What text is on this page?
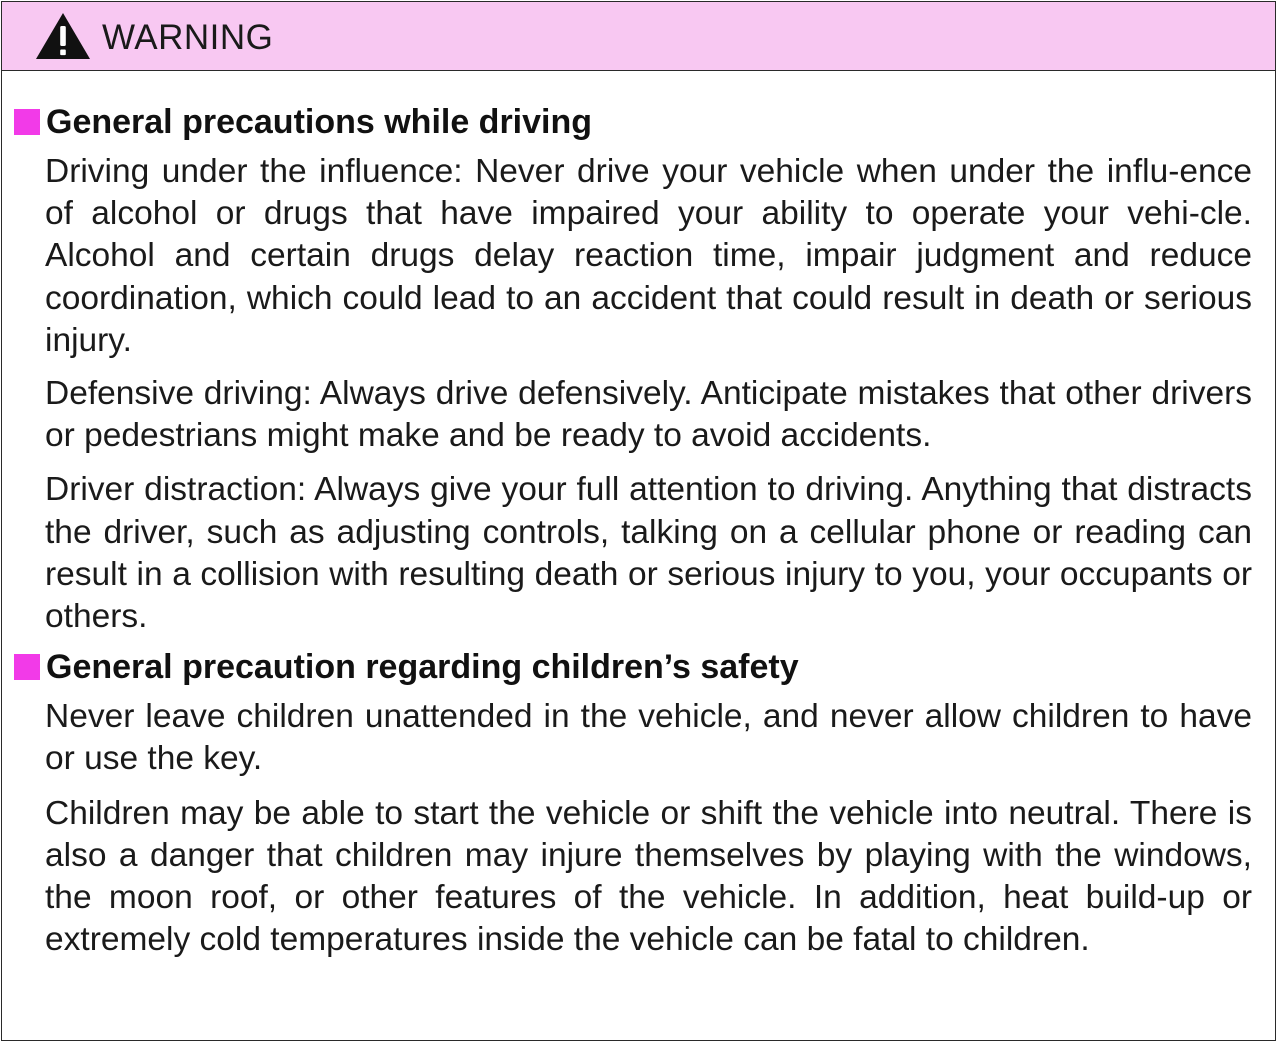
WARNING
General precautions while driving
Driving under the influence: Never drive your vehicle when under the influ-ence of alcohol or drugs that have impaired your ability to operate your vehi-cle. Alcohol and certain drugs delay reaction time, impair judgment and reduce coordination, which could lead to an accident that could result in death or serious injury.
Defensive driving: Always drive defensively. Anticipate mistakes that other drivers or pedestrians might make and be ready to avoid accidents.
Driver distraction: Always give your full attention to driving. Anything that distracts the driver, such as adjusting controls, talking on a cellular phone or reading can result in a collision with resulting death or serious injury to you, your occupants or others.
General precaution regarding children’s safety
Never leave children unattended in the vehicle, and never allow children to have or use the key.
Children may be able to start the vehicle or shift the vehicle into neutral. There is also a danger that children may injure themselves by playing with the windows, the moon roof, or other features of the vehicle. In addition, heat build-up or extremely cold temperatures inside the vehicle can be fatal to children.
